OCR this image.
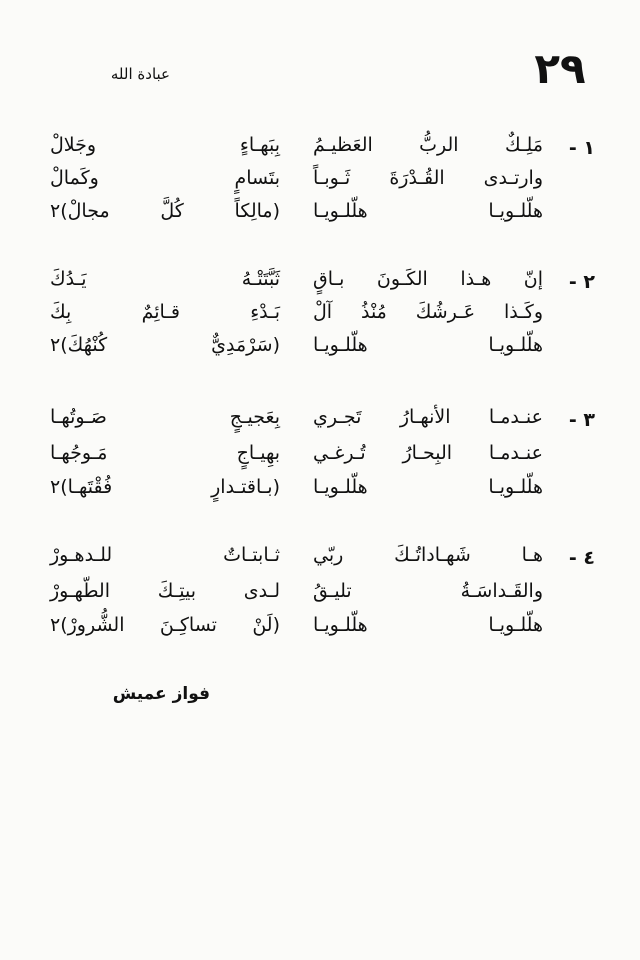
٢٩
عبادة الله
١ -
مَلِـكٌ الربُّ العَظيـمُ
بِبَهـاءٍ وجَلالْ
وارتـدى القُـدْرَةَ ثَـوبـاً
بتَسامٍ وكَمالْ
هلّلـويـا هلّلـويـا
(مالِكاً كُلَّ مجالْ)٢
٢ -
إنّ هـذا الكَـونَ بـاقٍ
ثَبَّتَتْـهُ يَـدُكَ
وكَـذا عَـرشُكَ مُنْذُ آلْ
بَـدْءِ قـائِمٌ بِكَ
هلّلـويـا هلّلـويـا
(سَرْمَدِيٌّ كُنْهُكَ)٢
٣ -
عنـدمـا الأنهـارُ تَجـري
بِعَجيـجٍ صَـوتُهـا
عنـدمـا البِحـارُ تُـرغـي
بهِيـاجٍ مَـوجُهـا
هلّلـويـا هلّلـويـا
(بـاقتـدارٍ فُقْتَهـا)٢
٤ -
هـا شَهـاداتُـكَ ربّي
ثـابتـاتٌ للـدهـورْ
والقَـداسَـةُ تليـقُ
لـدى بيتِـكَ الطّهـورْ
هلّلـويـا هلّلـويـا
(لَنْ تساكِـنَ الشُّرورْ)٢
فواز عميش
